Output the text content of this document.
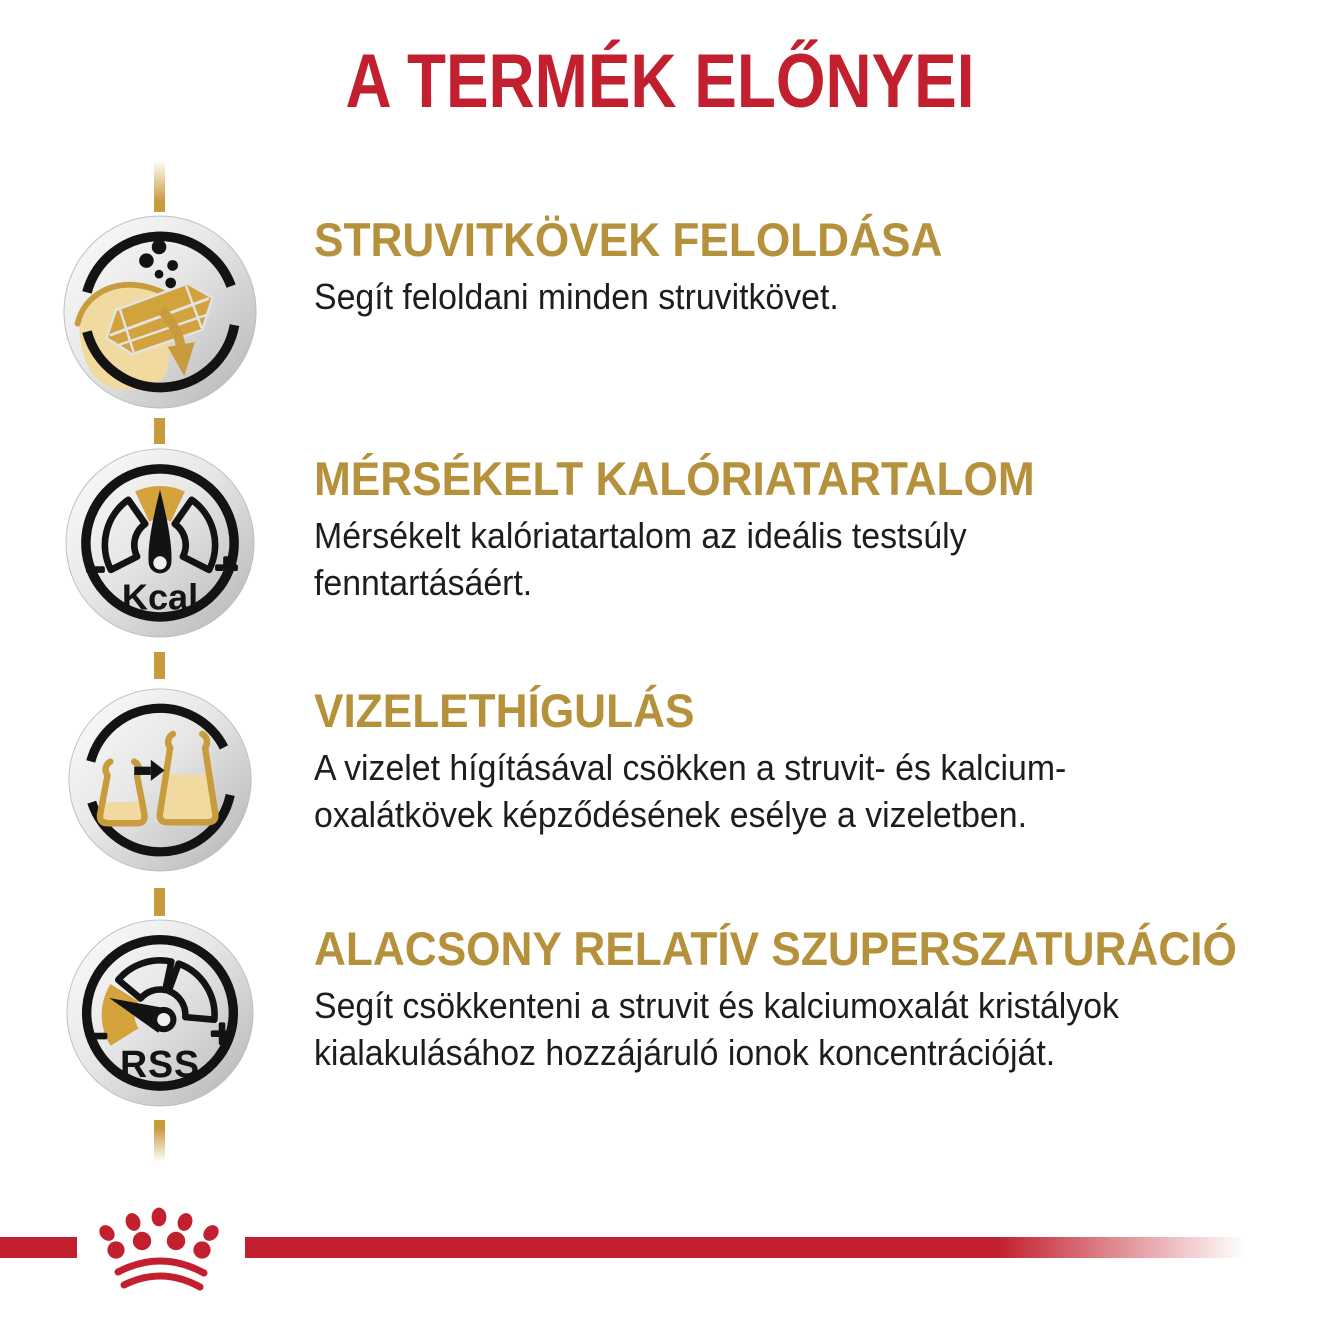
A TERMÉK ELŐNYEI
STRUVITKÖVEK FELOLDÁSA
Segít feloldani minden struvitkövet.
Kcal
MÉRSÉKELT KALÓRIATARTALOM
Mérsékelt kalóriatartalom az ideális testsúly
fenntartásáért.
VIZELETHÍGULÁS
A vizelet hígításával csökken a struvit- és kalcium-
oxalátkövek képződésének esélye a vizeletben.
RSS
ALACSONY RELATÍV SZUPERSZATURÁCIÓ
Segít csökkenteni a struvit és kalciumoxalát kristályok
kialakulásához hozzájáruló ionok koncentrációját.
